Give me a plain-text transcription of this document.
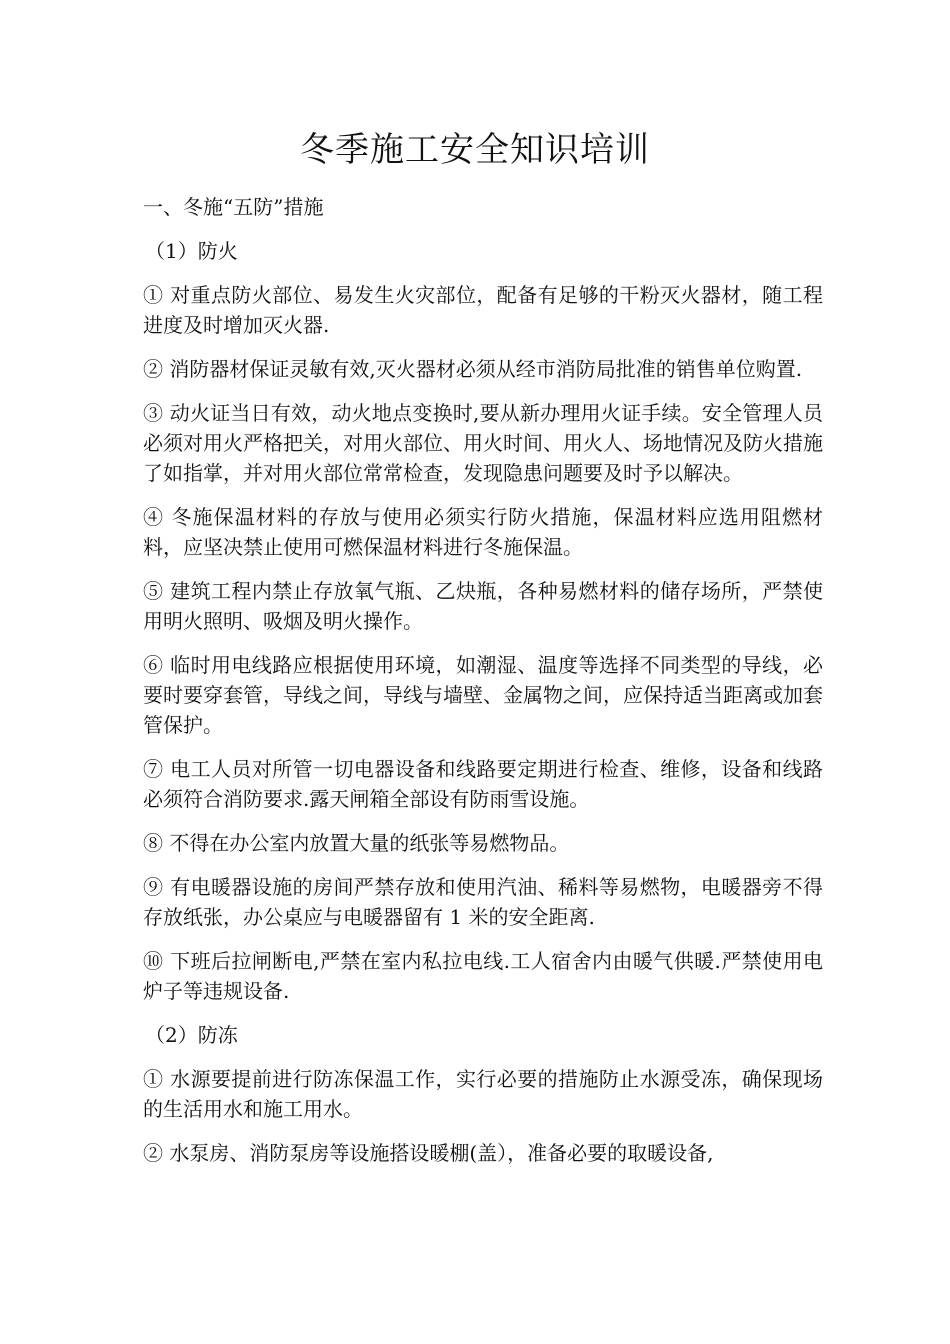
冬季施工安全知识培训
一、冬施“五防”措施
（1）防火
① 对重点防火部位、易发生火灾部位，配备有足够的干粉灭火器材，随工程进度及时增加灭火器.
② 消防器材保证灵敏有效,灭火器材必须从经市消防局批准的销售单位购置.
③ 动火证当日有效，动火地点变换时,要从新办理用火证手续。安全管理人员必须对用火严格把关，对用火部位、用火时间、用火人、场地情况及防火措施了如指掌，并对用火部位常常检查，发现隐患问题要及时予以解决。
④ 冬施保温材料的存放与使用必须实行防火措施，保温材料应选用阻燃材料，应坚决禁止使用可燃保温材料进行冬施保温。
⑤ 建筑工程内禁止存放氧气瓶、乙炔瓶，各种易燃材料的储存场所，严禁使用明火照明、吸烟及明火操作。
⑥ 临时用电线路应根据使用环境，如潮湿、温度等选择不同类型的导线，必要时要穿套管，导线之间，导线与墙壁、金属物之间，应保持适当距离或加套管保护。
⑦ 电工人员对所管一切电器设备和线路要定期进行检查、维修，设备和线路必须符合消防要求.露天闸箱全部设有防雨雪设施。
⑧ 不得在办公室内放置大量的纸张等易燃物品。
⑨ 有电暖器设施的房间严禁存放和使用汽油、稀料等易燃物，电暖器旁不得存放纸张，办公桌应与电暖器留有 1 米的安全距离.
⑩ 下班后拉闸断电,严禁在室内私拉电线.工人宿舍内由暖气供暖.严禁使用电炉子等违规设备.
（2）防冻
① 水源要提前进行防冻保温工作，实行必要的措施防止水源受冻，确保现场的生活用水和施工用水。
② 水泵房、消防泵房等设施搭设暖棚(盖），准备必要的取暖设备,
